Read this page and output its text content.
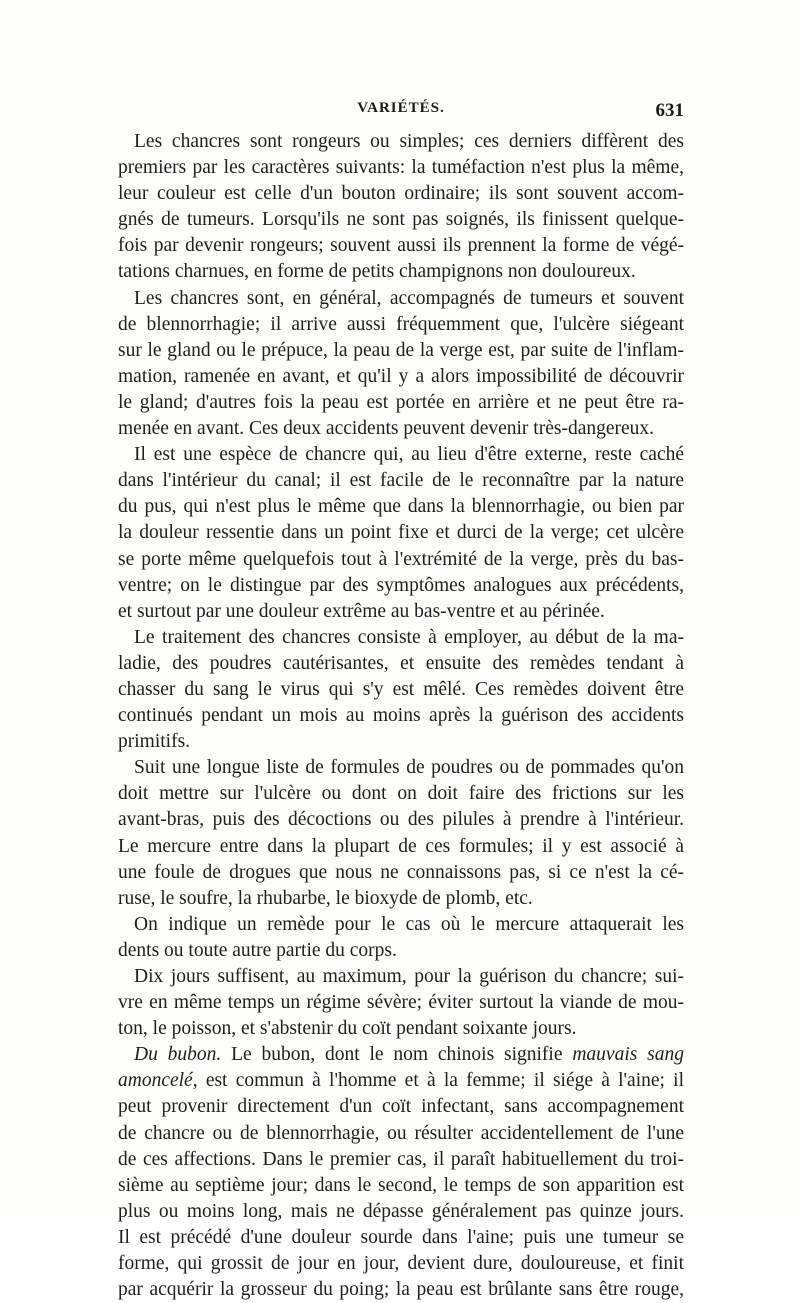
VARIÉTÉS.	631
Les chancres sont rongeurs ou simples; ces derniers diffèrent des
premiers par les caractères suivants: la tuméfaction n'est plus la même,
leur couleur est celle d'un bouton ordinaire; ils sont souvent accom-
gnés de tumeurs. Lorsqu'ils ne sont pas soignés, ils finissent quelque-
fois par devenir rongeurs; souvent aussi ils prennent la forme de végé-
tations charnues, en forme de petits champignons non douloureux.
Les chancres sont, en général, accompagnés de tumeurs et souvent
de blennorrhagie; il arrive aussi fréquemment que, l'ulcère siégeant
sur le gland ou le prépuce, la peau de la verge est, par suite de l'inflam-
mation, ramenée en avant, et qu'il y a alors impossibilité de découvrir
le gland; d'autres fois la peau est portée en arrière et ne peut être ra-
menée en avant. Ces deux accidents peuvent devenir très-dangereux.
Il est une espèce de chancre qui, au lieu d'être externe, reste caché
dans l'intérieur du canal; il est facile de le reconnaître par la nature
du pus, qui n'est plus le même que dans la blennorrhagie, ou bien par
la douleur ressentie dans un point fixe et durci de la verge; cet ulcère
se porte même quelquefois tout à l'extrémité de la verge, près du bas-
ventre; on le distingue par des symptômes analogues aux précédents,
et surtout par une douleur extrême au bas-ventre et au périnée.
Le traitement des chancres consiste à employer, au début de la ma-
ladie, des poudres cautérisantes, et ensuite des remèdes tendant à
chasser du sang le virus qui s'y est mêlé. Ces remèdes doivent être
continués pendant un mois au moins après la guérison des accidents
primitifs.
Suit une longue liste de formules de poudres ou de pommades qu'on
doit mettre sur l'ulcère ou dont on doit faire des frictions sur les
avant-bras, puis des décoctions ou des pilules à prendre à l'intérieur.
Le mercure entre dans la plupart de ces formules; il y est associé à
une foule de drogues que nous ne connaissons pas, si ce n'est la cé-
ruse, le soufre, la rhubarbe, le bioxyde de plomb, etc.
On indique un remède pour le cas où le mercure attaquerait les
dents ou toute autre partie du corps.
Dix jours suffisent, au maximum, pour la guérison du chancre; sui-
vre en même temps un régime sévère; éviter surtout la viande de mou-
ton, le poisson, et s'abstenir du coït pendant soixante jours.
Du bubon. Le bubon, dont le nom chinois signifie mauvais sang
amoncelé, est commun à l'homme et à la femme; il siége à l'aine; il
peut provenir directement d'un coït infectant, sans accompagnement
de chancre ou de blennorrhagie, ou résulter accidentellement de l'une
de ces affections. Dans le premier cas, il paraît habituellement du troi-
sième au septième jour; dans le second, le temps de son apparition est
plus ou moins long, mais ne dépasse généralement pas quinze jours.
Il est précédé d'une douleur sourde dans l'aine; puis une tumeur se
forme, qui grossit de jour en jour, devient dure, douloureuse, et finit
par acquérir la grosseur du poing; la peau est brûlante sans être rouge,
